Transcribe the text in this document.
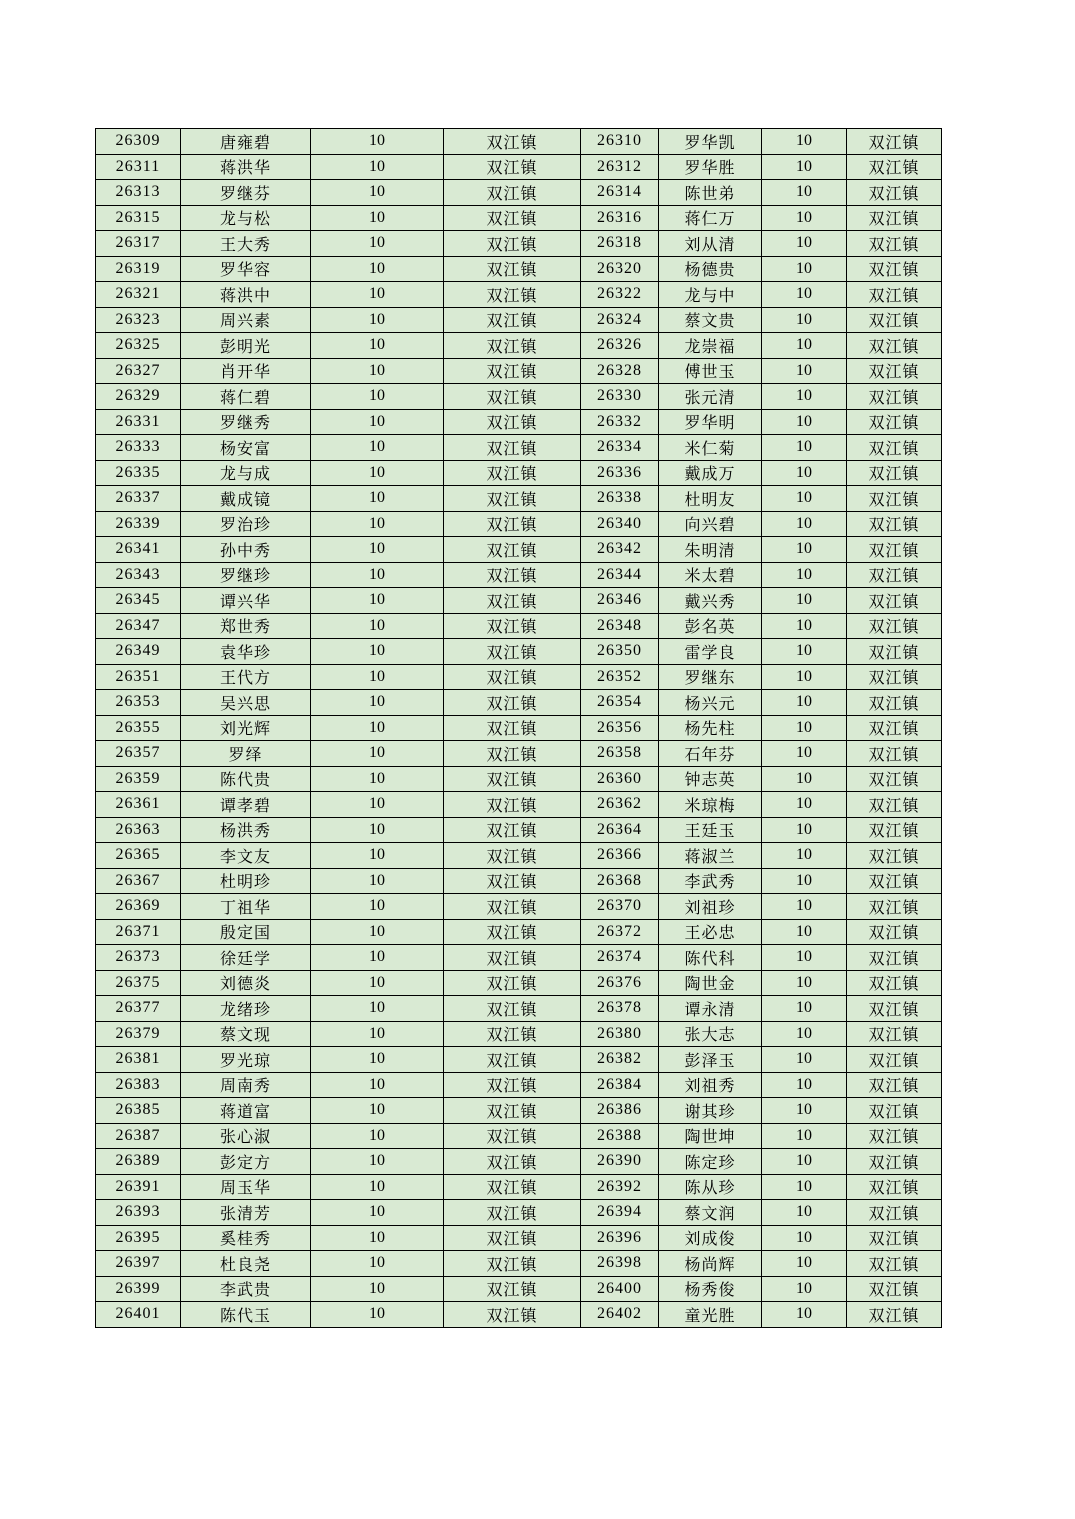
26309	唐雍碧	10	双江镇	26310	罗华凯	10	双江镇
26311	蒋洪华	10	双江镇	26312	罗华胜	10	双江镇
26313	罗继芬	10	双江镇	26314	陈世弟	10	双江镇
26315	龙与松	10	双江镇	26316	蒋仁万	10	双江镇
26317	王大秀	10	双江镇	26318	刘从清	10	双江镇
26319	罗华容	10	双江镇	26320	杨德贵	10	双江镇
26321	蒋洪中	10	双江镇	26322	龙与中	10	双江镇
26323	周兴素	10	双江镇	26324	蔡文贵	10	双江镇
26325	彭明光	10	双江镇	26326	龙崇福	10	双江镇
26327	肖开华	10	双江镇	26328	傅世玉	10	双江镇
26329	蒋仁碧	10	双江镇	26330	张元清	10	双江镇
26331	罗继秀	10	双江镇	26332	罗华明	10	双江镇
26333	杨安富	10	双江镇	26334	米仁菊	10	双江镇
26335	龙与成	10	双江镇	26336	戴成万	10	双江镇
26337	戴成镜	10	双江镇	26338	杜明友	10	双江镇
26339	罗治珍	10	双江镇	26340	向兴碧	10	双江镇
26341	孙中秀	10	双江镇	26342	朱明清	10	双江镇
26343	罗继珍	10	双江镇	26344	米太碧	10	双江镇
26345	谭兴华	10	双江镇	26346	戴兴秀	10	双江镇
26347	郑世秀	10	双江镇	26348	彭名英	10	双江镇
26349	袁华珍	10	双江镇	26350	雷学良	10	双江镇
26351	王代方	10	双江镇	26352	罗继东	10	双江镇
26353	吴兴思	10	双江镇	26354	杨兴元	10	双江镇
26355	刘光辉	10	双江镇	26356	杨先柱	10	双江镇
26357	罗绎	10	双江镇	26358	石年芬	10	双江镇
26359	陈代贵	10	双江镇	26360	钟志英	10	双江镇
26361	谭孝碧	10	双江镇	26362	米琼梅	10	双江镇
26363	杨洪秀	10	双江镇	26364	王廷玉	10	双江镇
26365	李文友	10	双江镇	26366	蒋淑兰	10	双江镇
26367	杜明珍	10	双江镇	26368	李武秀	10	双江镇
26369	丁祖华	10	双江镇	26370	刘祖珍	10	双江镇
26371	殷定国	10	双江镇	26372	王必忠	10	双江镇
26373	徐廷学	10	双江镇	26374	陈代科	10	双江镇
26375	刘德炎	10	双江镇	26376	陶世金	10	双江镇
26377	龙绪珍	10	双江镇	26378	谭永清	10	双江镇
26379	蔡文现	10	双江镇	26380	张大志	10	双江镇
26381	罗光琼	10	双江镇	26382	彭泽玉	10	双江镇
26383	周南秀	10	双江镇	26384	刘祖秀	10	双江镇
26385	蒋道富	10	双江镇	26386	谢其珍	10	双江镇
26387	张心淑	10	双江镇	26388	陶世坤	10	双江镇
26389	彭定方	10	双江镇	26390	陈定珍	10	双江镇
26391	周玉华	10	双江镇	26392	陈从珍	10	双江镇
26393	张清芳	10	双江镇	26394	蔡文润	10	双江镇
26395	奚桂秀	10	双江镇	26396	刘成俊	10	双江镇
26397	杜良尧	10	双江镇	26398	杨尚辉	10	双江镇
26399	李武贵	10	双江镇	26400	杨秀俊	10	双江镇
26401	陈代玉	10	双江镇	26402	童光胜	10	双江镇
